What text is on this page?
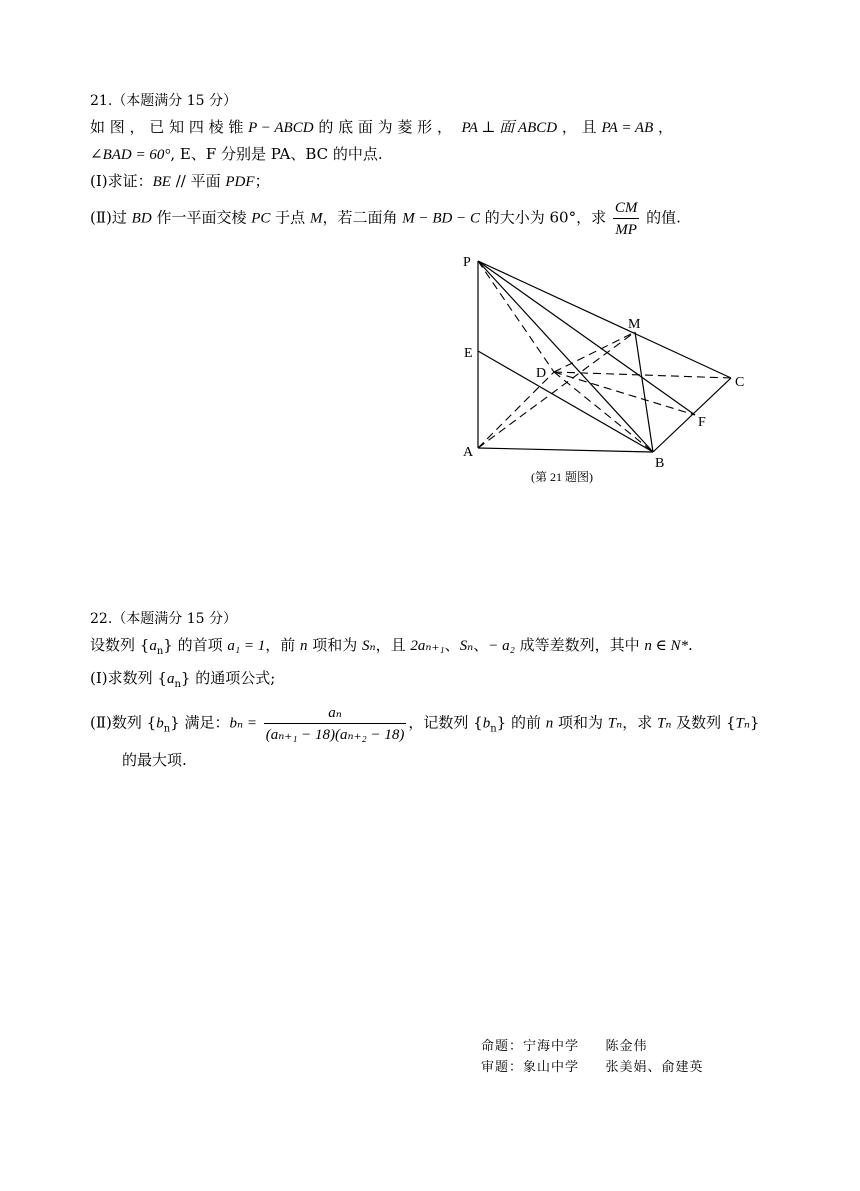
21.（本题满分 15 分）
如 图 ， 已 知 四 棱 锥 P − ABCD 的 底 面 为 菱 形 ， PA ⊥ 面 ABCD ， 且 PA = AB ，
∠BAD = 60°, E、F 分别是 PA、BC 的中点.
(Ⅰ)求证：BE // 平面 PDF；
(Ⅱ)过 BD 作一平面交棱 PC 于点 M，若二面角 M − BD − C 的大小为 60°，求 $\frac{CM}{MP}$ 的值.
P
M
E
D
C
F
A
B
(第 21 题图)
22.（本题满分 15 分）
设数列 $\{a_n\}$ 的首项 a₁ = 1，前 n 项和为 Sₙ，且 2aₙ₊₁、Sₙ、− a₂ 成等差数列，其中 n ∈ N*.
(Ⅰ)求数列 $\{a_n\}$ 的通项公式;
(Ⅱ)数列 $\{b_n\}$ 满足：$b_n = \frac{\text{aₙ}}{\text{(aₙ₊₁ − 18)(aₙ₊₂ − 18)}}$ ，记数列 $\{b_n\}$ 的前 n 项和为 Tₙ，求 Tₙ 及数列 {Tₙ}
的最大项.
命题：宁海中学 陈金伟
审题：象山中学 张美娟、俞建英
